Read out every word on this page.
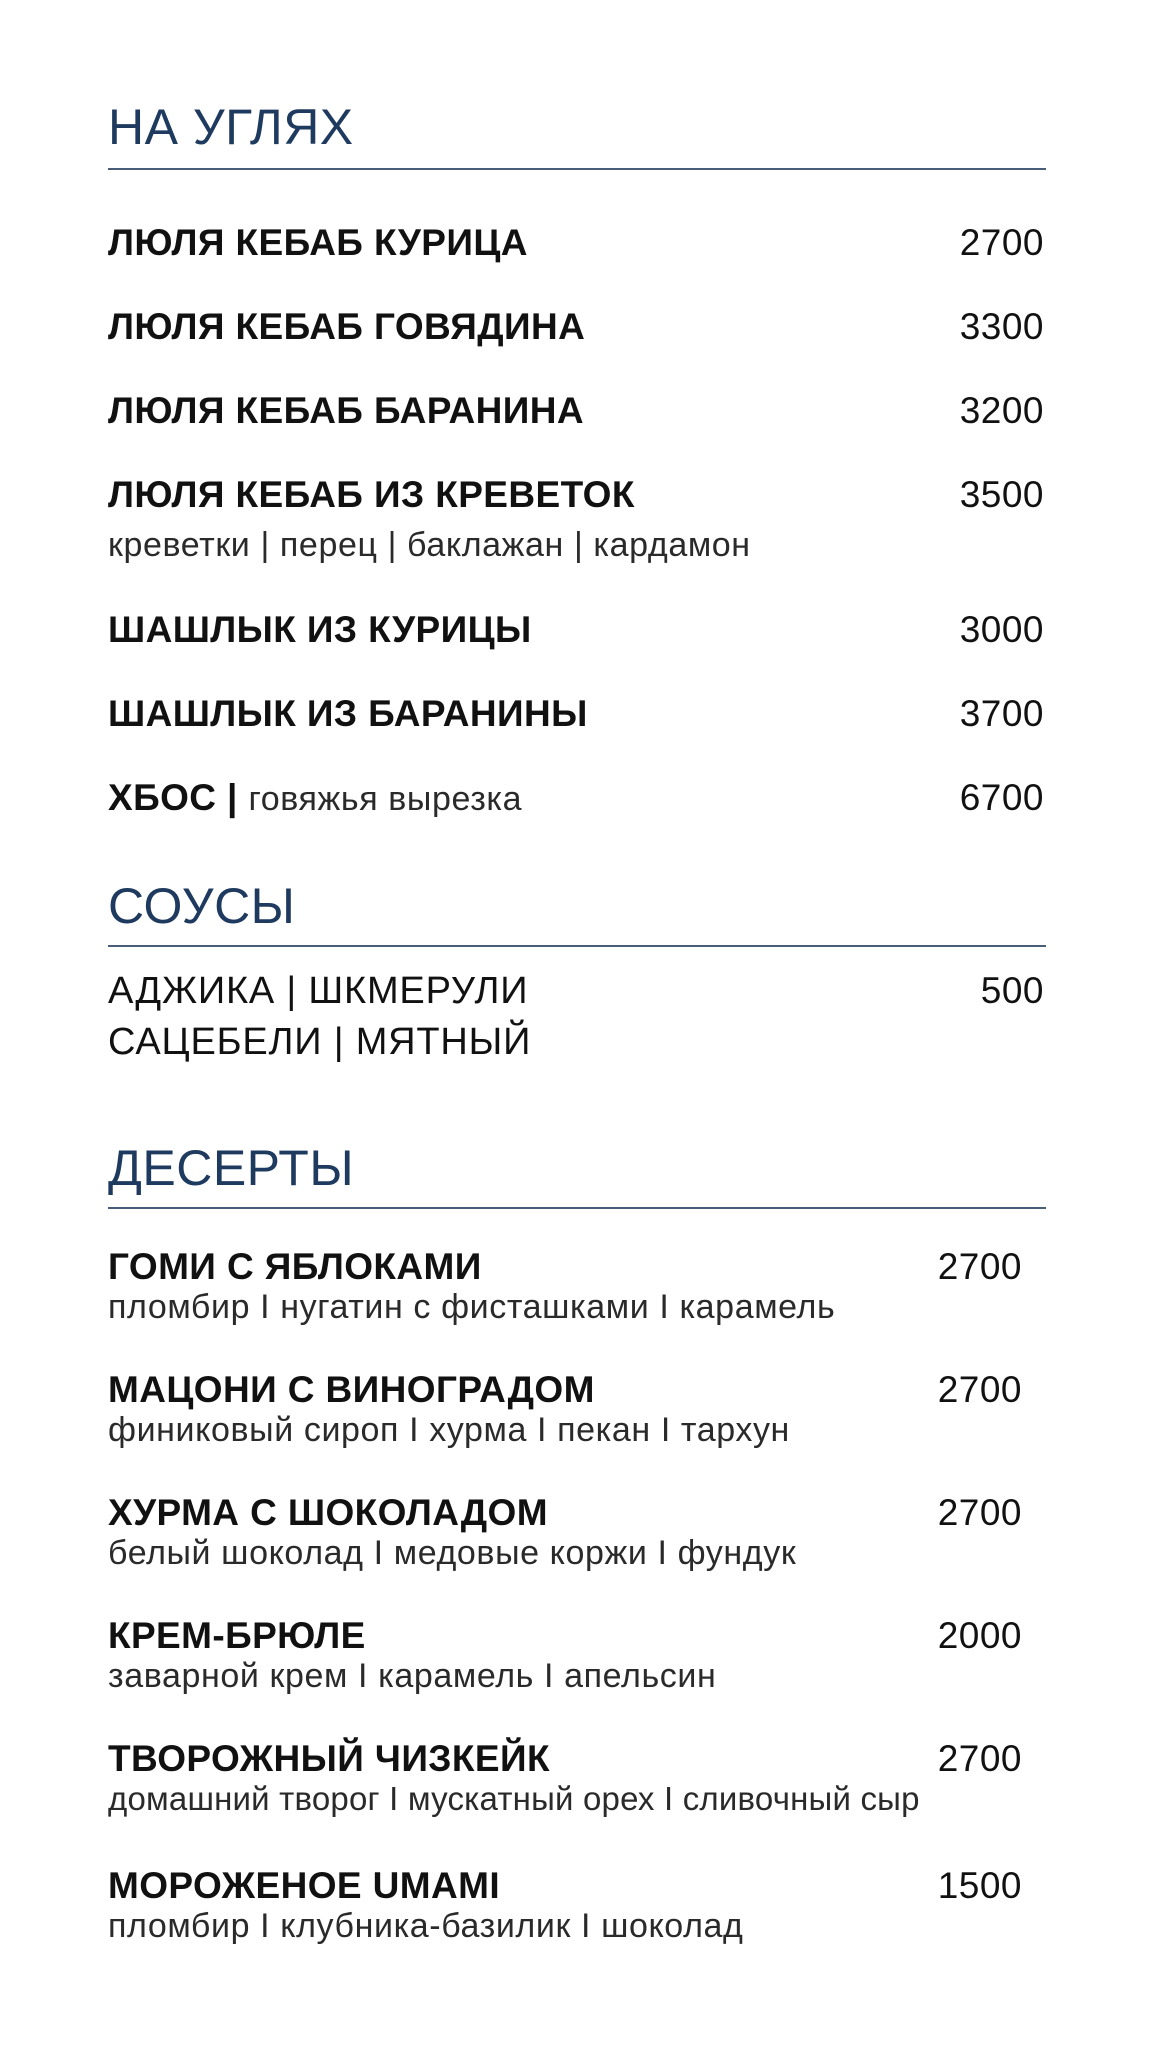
НА УГЛЯХ
ЛЮЛЯ КЕБАБ КУРИЦА	2700
ЛЮЛЯ КЕБАБ ГОВЯДИНА	3300
ЛЮЛЯ КЕБАБ БАРАНИНА	3200
ЛЮЛЯ КЕБАБ ИЗ КРЕВЕТОК	3500
креветки | перец | баклажан | кардамон
ШАШЛЫК ИЗ КУРИЦЫ	3000
ШАШЛЫК ИЗ БАРАНИНЫ	3700
ХБОС | говяжья вырезка	6700
СОУСЫ
АДЖИКА | ШКМЕРУЛИ	500
САЦЕБЕЛИ | МЯТНЫЙ
ДЕСЕРТЫ
ГОМИ С ЯБЛОКАМИ	2700
пломбир I нугатин с фисташками I карамель
МАЦОНИ С ВИНОГРАДОМ	2700
финиковый сироп I хурма I пекан I тархун
ХУРМА С ШОКОЛАДОМ	2700
белый шоколад I медовые коржи I фундук
КРЕМ-БРЮЛЕ	2000
заварной крем I карамель I апельсин
ТВОРОЖНЫЙ ЧИЗКЕЙК	2700
домашний творог I мускатный орех I сливочный сыр
МОРОЖЕНОЕ UMAMI	1500
пломбир I клубника-базилик I шоколад
